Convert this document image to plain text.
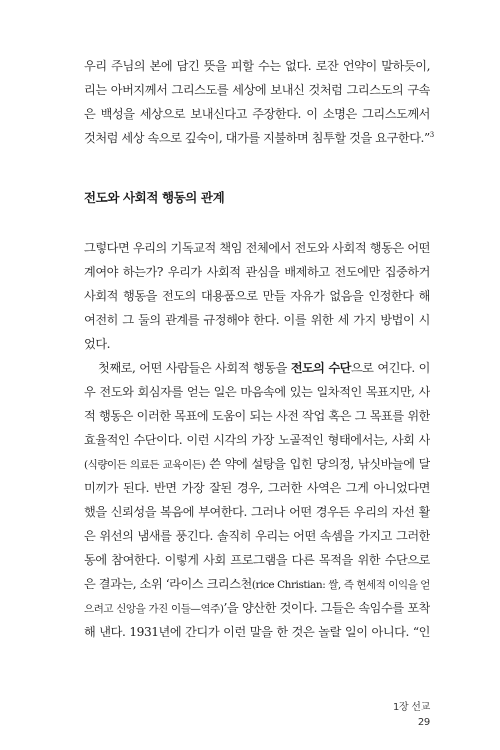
우리 주님의 본에 담긴 뜻을 피할 수는 없다. 로잔 언약이 말하듯이,
리는 아버지께서 그리스도를 세상에 보내신 것처럼 그리스도의 구속
은 백성을 세상으로 보내신다고 주장한다. 이 소명은 그리스도께서
것처럼 세상 속으로 깊숙이, 대가를 지불하며 침투할 것을 요구한다.”$^3$

전도와 사회적 행동의 관계

그렇다면 우리의 기독교적 책임 전체에서 전도와 사회적 행동은 어떤
계여야 하는가? 우리가 사회적 관심을 배제하고 전도에만 집중하거
사회적 행동을 전도의 대용품으로 만들 자유가 없음을 인정한다 해
여전히 그 둘의 관계를 규정해야 한다. 이를 위한 세 가지 방법이 시
었다.

첫째로, 어떤 사람들은 사회적 행동을 전도의 수단으로 여긴다. 이
우 전도와 회심자를 얻는 일은 마음속에 있는 일차적인 목표지만, 사
적 행동은 이러한 목표에 도움이 되는 사전 작업 혹은 그 목표를 위한
효율적인 수단이다. 이런 시각의 가장 노골적인 형태에서는, 사회 사
(식량이든 의료든 교육이든) 쓴 약에 설탕을 입힌 당의정, 낚싯바늘에 달
미끼가 된다. 반면 가장 잘된 경우, 그러한 사역은 그게 아니었다면
했을 신뢰성을 복음에 부여한다. 그러나 어떤 경우든 우리의 자선 활
은 위선의 냄새를 풍긴다. 솔직히 우리는 어떤 속셈을 가지고 그러한
동에 참여한다. 이렇게 사회 프로그램을 다른 목적을 위한 수단으로
은 결과는, 소위 ‘라이스 크리스천(rice Christian: 쌀, 즉 현세적 이익을 얻
으려고 신앙을 가진 이들—역주)’을 양산한 것이다. 그들은 속임수를 포착
해 낸다. 1931년에 간디가 이런 말을 한 것은 놀랄 일이 아니다. “인

1장 선교
29
